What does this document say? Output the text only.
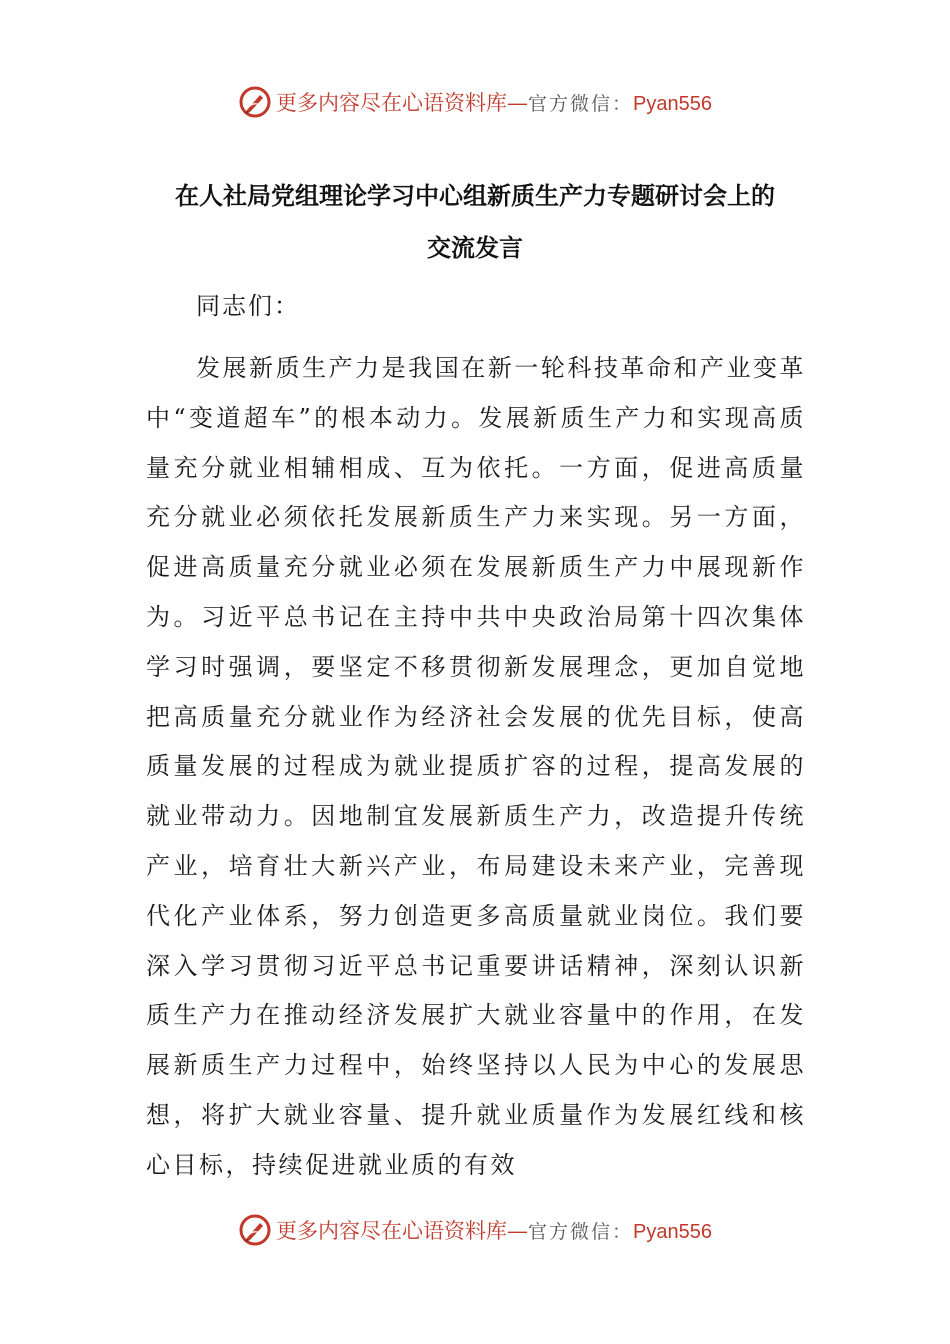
更多内容尽在心语资料库 — 官方微信： Pyan556
在人社局党组理论学习中心组新质生产力专题研讨会上的
交流发言
同志们：

发展新质生产力是我国在新一轮科技革命和产业变革中“变道超车”的根本动力。发展新质生产力和实现高质量充分就业相辅相成、互为依托。一方面，促进高质量充分就业必须依托发展新质生产力来实现。另一方面，促进高质量充分就业必须在发展新质生产力中展现新作为。习近平总书记在主持中共中央政治局第十四次集体学习时强调，要坚定不移贯彻新发展理念，更加自觉地把高质量充分就业作为经济社会发展的优先目标，使高质量发展的过程成为就业提质扩容的过程，提高发展的就业带动力。因地制宜发展新质生产力，改造提升传统产业，培育壮大新兴产业，布局建设未来产业，完善现代化产业体系，努力创造更多高质量就业岗位。我们要深入学习贯彻习近平总书记重要讲话精神，深刻认识新质生产力在推动经济发展扩大就业容量中的作用，在发展新质生产力过程中，始终坚持以人民为中心的发展思想，将扩大就业容量、提升就业质量作为发展红线和核心目标，持续促进就业质的有效

更多内容尽在心语资料库 — 官方微信： Pyan556
